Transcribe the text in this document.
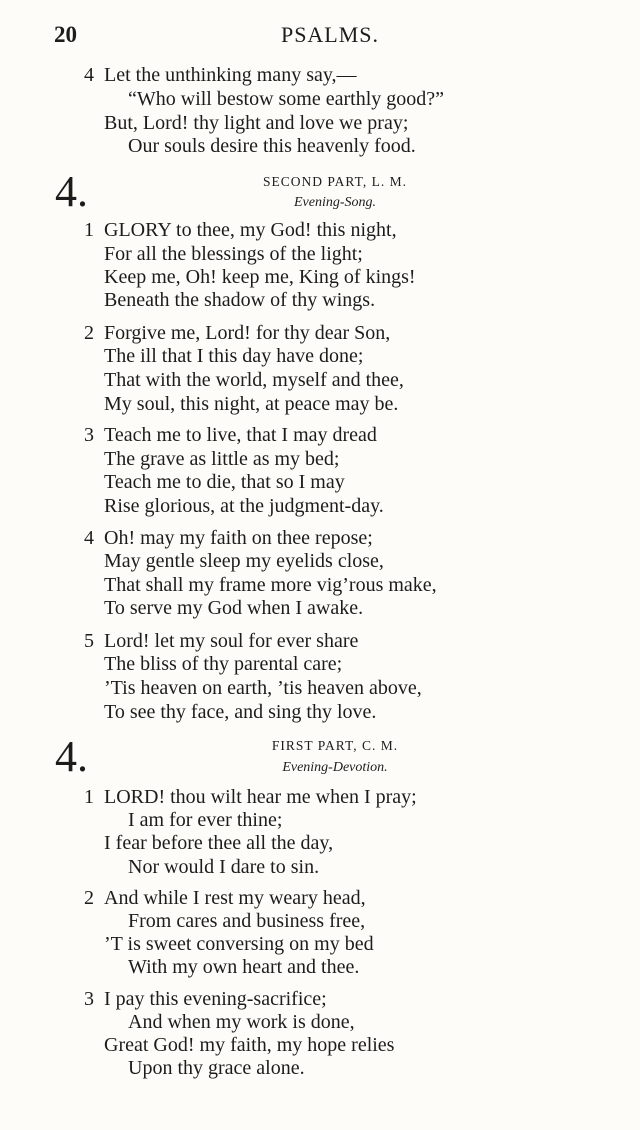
20	PSALMS.
4 Let the unthinking many say,—
“Who will bestow some earthly good?”
But, Lord! thy light and love we pray;
Our souls desire this heavenly food.
4.	SECOND PART, L. M.
Evening-Song.
1 GLORY to thee, my God! this night,
For all the blessings of the light;
Keep me, Oh! keep me, King of kings!
Beneath the shadow of thy wings.
2 Forgive me, Lord! for thy dear Son,
The ill that I this day have done;
That with the world, myself and thee,
My soul, this night, at peace may be.
3 Teach me to live, that I may dread
The grave as little as my bed;
Teach me to die, that so I may
Rise glorious, at the judgment-day.
4 Oh! may my faith on thee repose;
May gentle sleep my eyelids close,
That shall my frame more vig’rous make,
To serve my God when I awake.
5 Lord! let my soul for ever share
The bliss of thy parental care;
’Tis heaven on earth, ’tis heaven above,
To see thy face, and sing thy love.
4.	FIRST PART, C. M.
Evening-Devotion.
1 LORD! thou wilt hear me when I pray;
I am for ever thine;
I fear before thee all the day,
Nor would I dare to sin.
2 And while I rest my weary head,
From cares and business free,
’T is sweet conversing on my bed
With my own heart and thee.
3 I pay this evening-sacrifice;
And when my work is done,
Great God! my faith, my hope relies
Upon thy grace alone.
